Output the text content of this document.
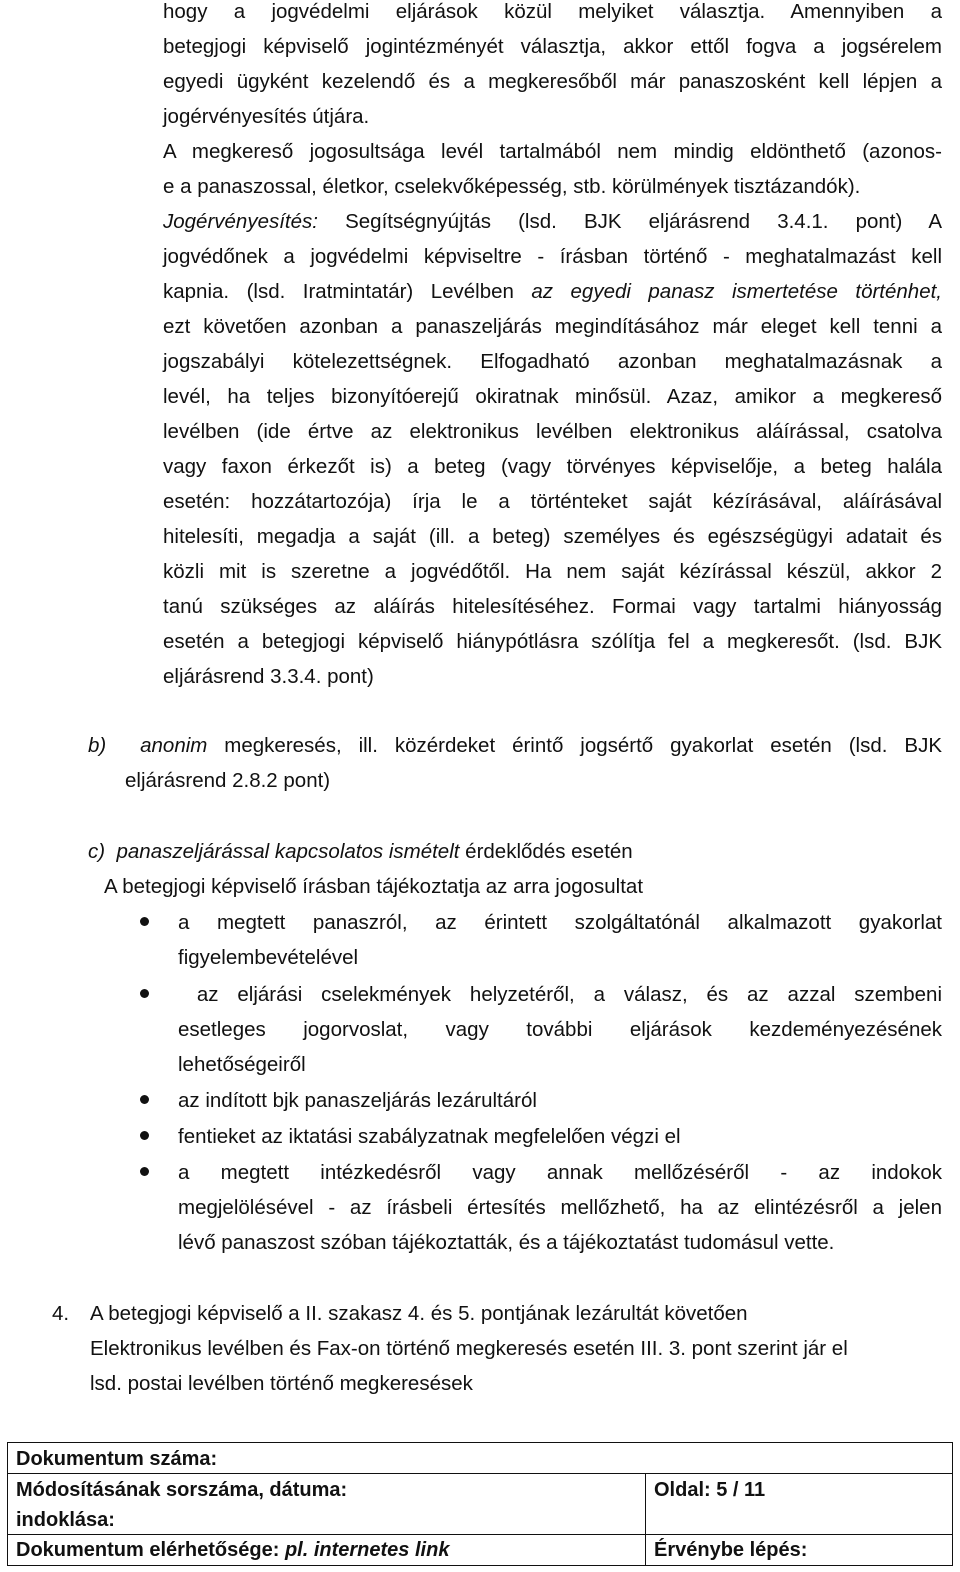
hogy a jogvédelmi eljárások közül melyiket választja. Amennyiben a
betegjogi képviselő jogintézményét választja, akkor ettől fogva a jogsérelem
egyedi ügyként kezelendő és a megkeresőből már panaszosként kell lépjen a
jogérvényesítés útjára.
A megkereső jogosultsága levél tartalmából nem mindig eldönthető (azonos-
e a panaszossal, életkor, cselekvőképesség, stb. körülmények tisztázandók).
Jogérvényesítés: Segítségnyújtás (lsd. BJK eljárásrend 3.4.1. pont) A
jogvédőnek a jogvédelmi képviseltre - írásban történő - meghatalmazást kell
kapnia. (lsd. Iratmintatár) Levélben az egyedi panasz ismertetése történhet,
ezt követően azonban a panaszeljárás megindításához már eleget kell tenni a
jogszabályi kötelezettségnek. Elfogadható azonban meghatalmazásnak a
levél, ha teljes bizonyítóerejű okiratnak minősül. Azaz, amikor a megkereső
levélben (ide értve az elektronikus levélben elektronikus aláírással, csatolva
vagy faxon érkezőt is) a beteg (vagy törvényes képviselője, a beteg halála
esetén: hozzátartozója) írja le a történteket saját kézírásával, aláírásával
hitelesíti, megadja a saját (ill. a beteg) személyes és egészségügyi adatait és
közli mit is szeretne a jogvédőtől. Ha nem saját kézírással készül, akkor 2
tanú szükséges az aláírás hitelesítéséhez. Formai vagy tartalmi hiányosság
esetén a betegjogi képviselő hiánypótlásra szólítja fel a megkeresőt. (lsd. BJK
eljárásrend 3.3.4. pont)
b) anonim megkeresés, ill. közérdeket érintő jogsértő gyakorlat esetén (lsd. BJK
eljárásrend 2.8.2 pont)
c) panaszeljárással kapcsolatos ismételt érdeklődés esetén
A betegjogi képviselő írásban tájékoztatja az arra jogosultat
a megtett panaszról, az érintett szolgáltatónál alkalmazott gyakorlat
figyelembevételével
az eljárási cselekmények helyzetéről, a válasz, és az azzal szembeni
esetleges jogorvoslat, vagy további eljárások kezdeményezésének
lehetőségeiről
az indított bjk panaszeljárás lezárultáról
fentieket az iktatási szabályzatnak megfelelően végzi el
a megtett intézkedésről vagy annak mellőzéséről - az indokok
megjelölésével - az írásbeli értesítés mellőzhető, ha az elintézésről a jelen
lévő panaszost szóban tájékoztatták, és a tájékoztatást tudomásul vette.
4. A betegjogi képviselő a II. szakasz 4. és 5. pontjának lezárultát követően
Elektronikus levélben és Fax-on történő megkeresés esetén III. 3. pont szerint jár el
lsd. postai levélben történő megkeresések
Dokumentum száma:
Módosításának sorszáma, dátuma:
indoklása:
Oldal: 5 / 11
Dokumentum elérhetősége: pl. internetes link	Érvénybe lépés:
